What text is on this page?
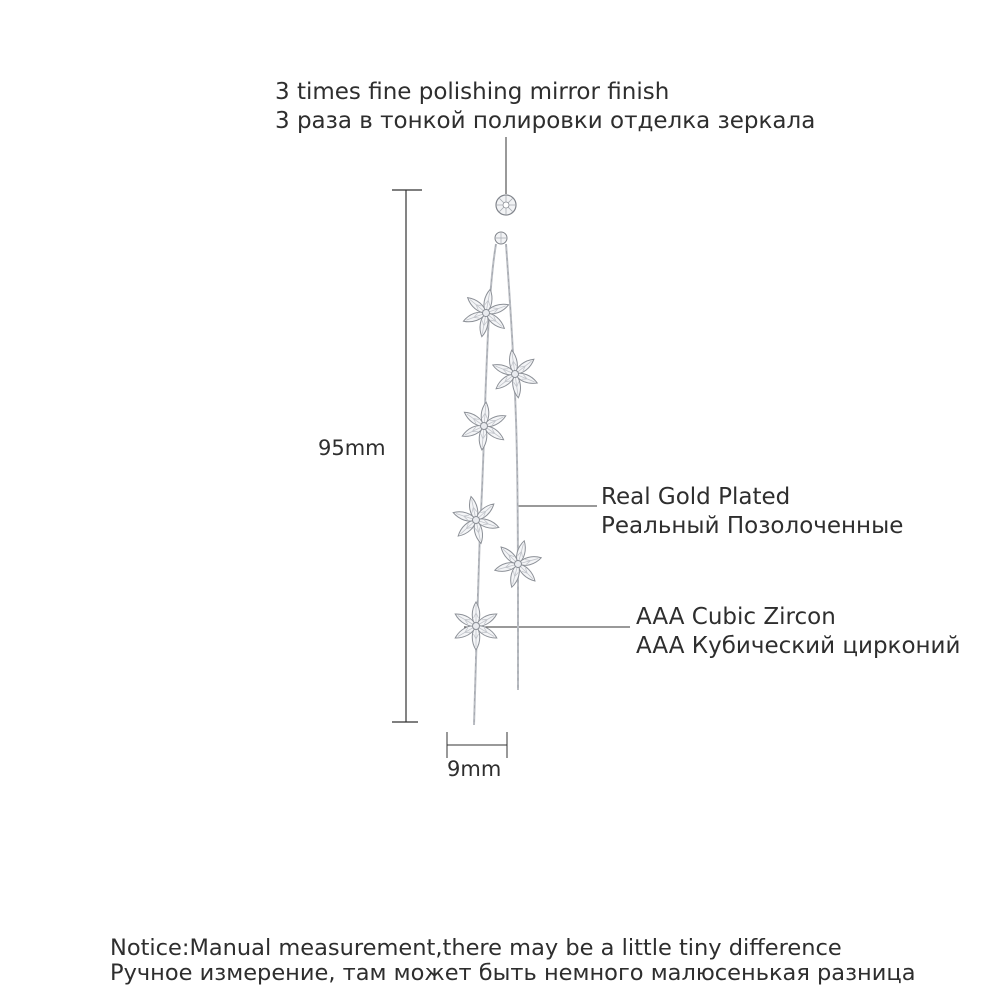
3 times fine polishing mirror finish
3 раза в тонкой полировки отделка зеркала
95mm
Real Gold Plated
Реальный Позолоченные
AAA Cubic Zircon
AAA Кубический цирконий
9mm
Notice:Manual measurement,there may be a little tiny difference
Ручное измерение, там может быть немного малюсенькая разница
